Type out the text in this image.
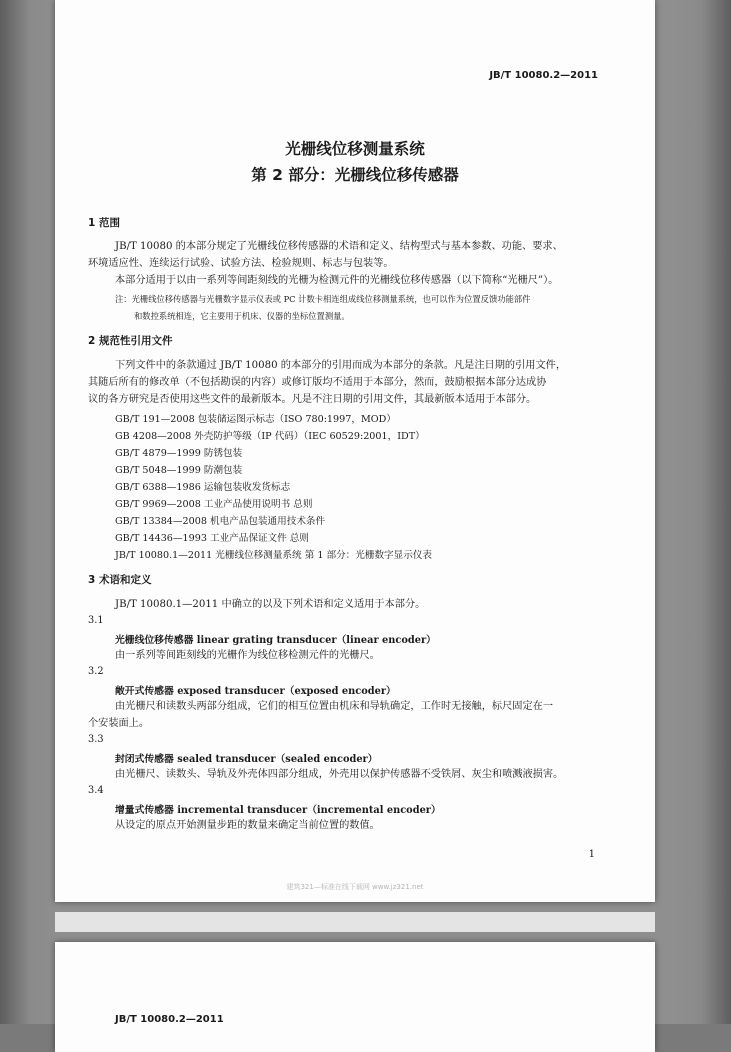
JB/T 10080.2—2011
光栅线位移测量系统
第 2 部分：光栅线位移传感器
1 范围
JB/T 10080 的本部分规定了光栅线位移传感器的术语和定义、结构型式与基本参数、功能、要求、
环境适应性、连续运行试验、试验方法、检验规则、标志与包装等。
本部分适用于以由一系列等间距刻线的光栅为检测元件的光栅线位移传感器（以下简称“光栅尺”）。
注：光栅线位移传感器与光栅数字显示仪表或 PC 计数卡相连组成线位移测量系统，也可以作为位置反馈功能部件
和数控系统相连，它主要用于机床、仪器的坐标位置测量。
2 规范性引用文件
下列文件中的条款通过 JB/T 10080 的本部分的引用而成为本部分的条款。凡是注日期的引用文件，
其随后所有的修改单（不包括勘误的内容）或修订版均不适用于本部分，然而，鼓励根据本部分达成协
议的各方研究是否使用这些文件的最新版本。凡是不注日期的引用文件，其最新版本适用于本部分。
GB/T 191—2008 包装储运图示标志（ISO 780:1997，MOD）
GB 4208—2008 外壳防护等级（IP 代码）（IEC 60529:2001，IDT）
GB/T 4879—1999 防锈包装
GB/T 5048—1999 防潮包装
GB/T 6388—1986 运输包装收发货标志
GB/T 9969—2008 工业产品使用说明书 总则
GB/T 13384—2008 机电产品包装通用技术条件
GB/T 14436—1993 工业产品保证文件 总则
JB/T 10080.1—2011 光栅线位移测量系统 第 1 部分：光栅数字显示仪表
3 术语和定义
JB/T 10080.1—2011 中确立的以及下列术语和定义适用于本部分。
3.1
光栅线位移传感器 linear grating transducer（linear encoder）
由一系列等间距刻线的光栅作为线位移检测元件的光栅尺。
3.2
敞开式传感器 exposed transducer（exposed encoder）
由光栅尺和读数头两部分组成，它们的相互位置由机床和导轨确定，工作时无接触，标尺固定在一
个安装面上。
3.3
封闭式传感器 sealed transducer（sealed encoder）
由光栅尺、读数头、导轨及外壳体四部分组成，外壳用以保护传感器不受铁屑、灰尘和喷溅液损害。
3.4
增量式传感器 incremental transducer（incremental encoder）
从设定的原点开始测量步距的数量来确定当前位置的数值。
1
建筑321—标准在线下载网 www.jz321.net
JB/T 10080.2—2011
